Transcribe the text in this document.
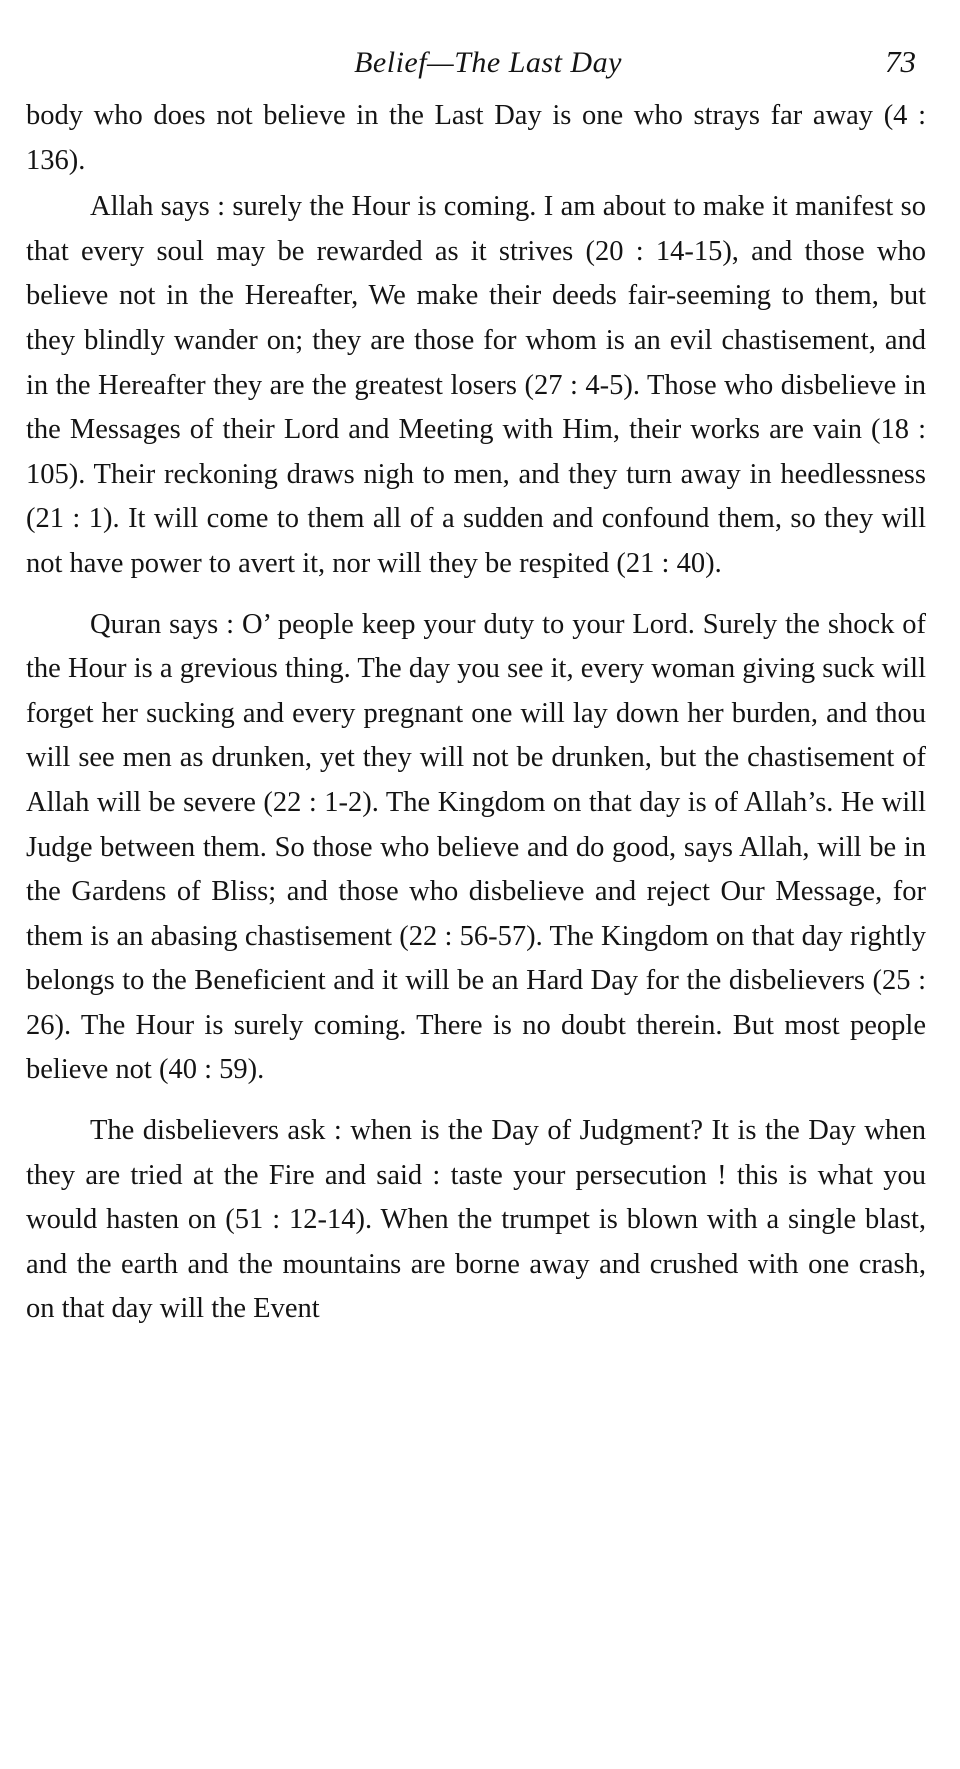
Belief—The Last Day	73

body who does not believe in the Last Day is one who strays far away (4 : 136).

Allah says : surely the Hour is coming. I am about to make it manifest so that every soul may be rewarded as it strives (20 : 14-15), and those who believe not in the Hereafter, We make their deeds fair-seeming to them, but they blindly wander on; they are those for whom is an evil chastisement, and in the Hereafter they are the greatest losers (27 : 4-5). Those who disbelieve in the Messages of their Lord and Meeting with Him, their works are vain (18 : 105). Their reckoning draws nigh to men, and they turn away in heedlessness (21 : 1). It will come to them all of a sudden and confound them, so they will not have power to avert it, nor will they be respited (21 : 40).

Quran says : O’ people keep your duty to your Lord. Surely the shock of the Hour is a grevious thing. The day you see it, every woman giving suck will forget her sucking and every pregnant one will lay down her burden, and thou will see men as drunken, yet they will not be drunken, but the chastisement of Allah will be severe (22 : 1-2). The Kingdom on that day is of Allah’s. He will Judge between them. So those who believe and do good, says Allah, will be in the Gardens of Bliss; and those who disbelieve and reject Our Message, for them is an abasing chastisement (22 : 56-57). The Kingdom on that day rightly belongs to the Beneficient and it will be an Hard Day for the disbelievers (25 : 26). The Hour is surely coming. There is no doubt therein. But most people believe not (40 : 59).

The disbelievers ask : when is the Day of Judgment? It is the Day when they are tried at the Fire and said : taste your persecution ! this is what you would hasten on (51 : 12-14). When the trumpet is blown with a single blast, and the earth and the mountains are borne away and crushed with one crash, on that day will the Event
